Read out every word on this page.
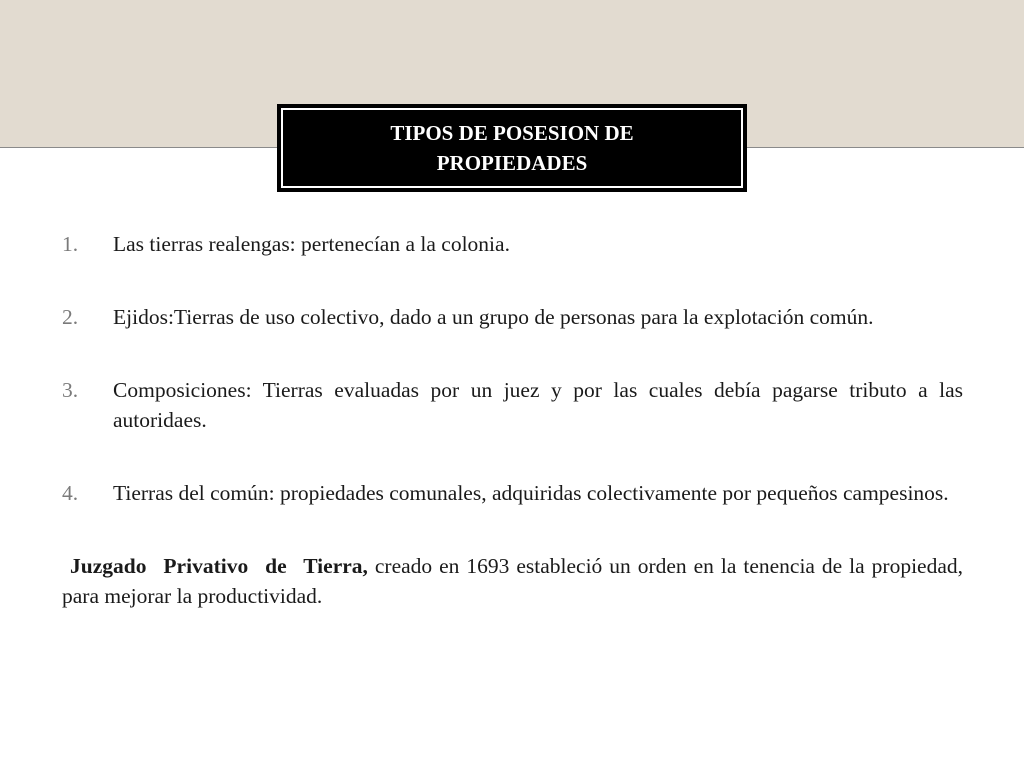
TIPOS DE POSESION DE
PROPIEDADES
1. Las tierras realengas: pertenecían a la colonia.
2. Ejidos:Tierras de uso colectivo, dado a un grupo de personas para la explotación común.
3. Composiciones: Tierras evaluadas por un juez y por las cuales debía pagarse tributo a las autoridaes.
4. Tierras del común: propiedades comunales, adquiridas colectivamente por pequeños campesinos.

Juzgado Privativo de Tierra, creado en 1693 estableció un orden en la tenencia de la propiedad, para mejorar la productividad.
